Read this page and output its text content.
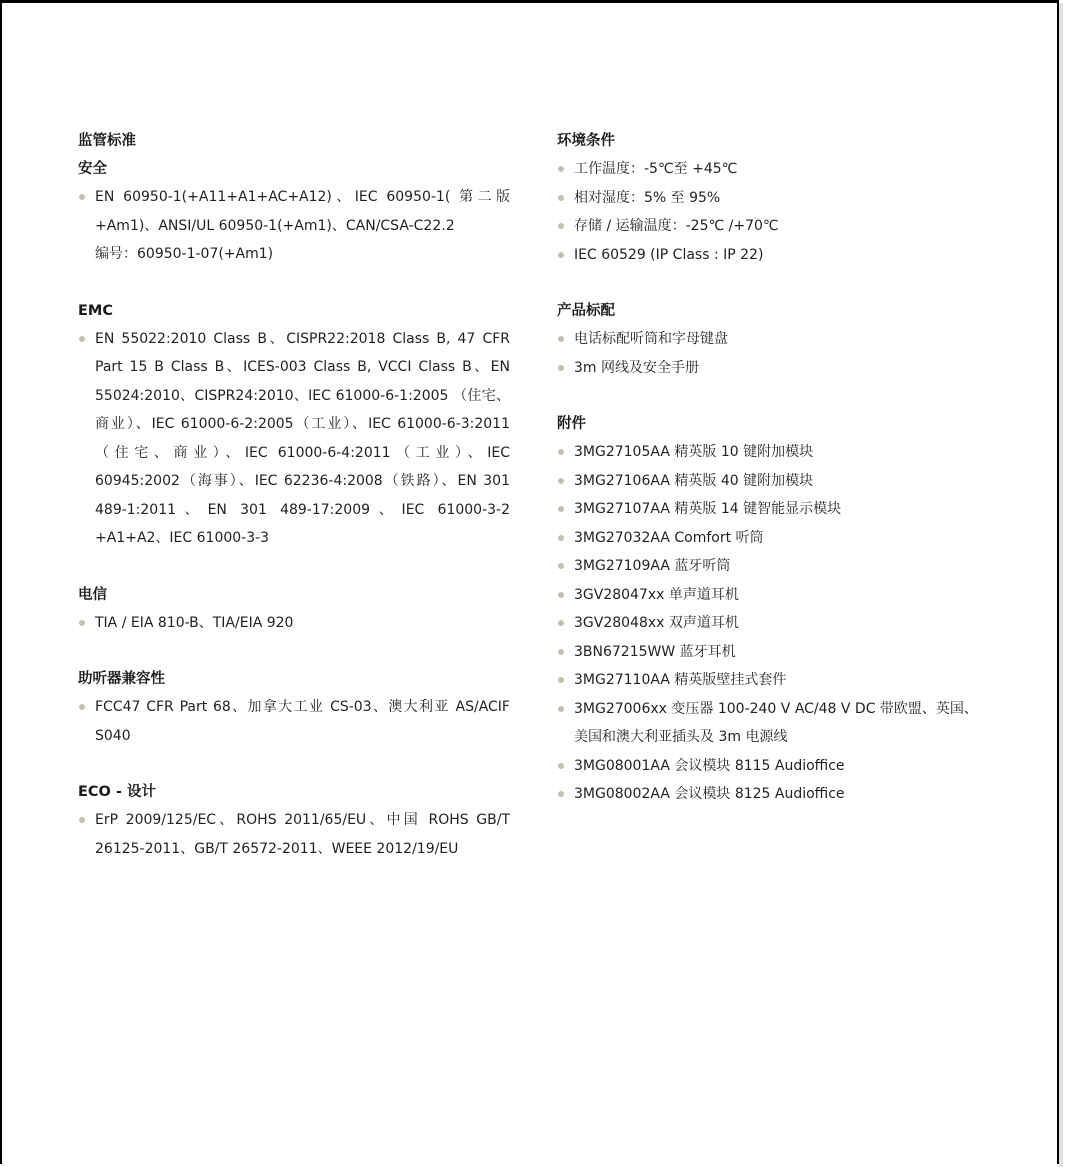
监管标准
安全
EN 60950-1(+A11+A1+AC+A12)、IEC 60950-1( 第二版 +Am1)、ANSI/UL 60950-1(+Am1)、CAN/CSA-C22.2
编号：60950-1-07(+Am1)
EMC
EN 55022:2010 Class B、CISPR22:2018 Class B, 47 CFR Part 15 B Class B、ICES-003 Class B, VCCI Class B、EN 55024:2010、CISPR24:2010、IEC 61000-6-1:2005 （住宅、商业）、IEC 61000-6-2:2005（工业）、IEC 61000-6-3:2011（住宅、商业）、IEC 61000-6-4:2011（工业）、IEC 60945:2002（海事）、IEC 62236-4:2008（铁路）、EN 301 489-1:2011、EN 301 489-17:2009、IEC 61000-3-2 +A1+A2、IEC 61000-3-3
电信
TIA / EIA 810-B、TIA/EIA 920
助听器兼容性
FCC47 CFR Part 68、加拿大工业 CS-03、澳大利亚 AS/ACIF S040
ECO - 设计
ErP 2009/125/EC、ROHS 2011/65/EU、中国 ROHS GB/T 26125-2011、GB/T 26572-2011、WEEE 2012/19/EU
环境条件
工作温度：-5℃至 +45℃
相对湿度：5% 至 95%
存储 / 运输温度：-25℃ /+70℃
IEC 60529 (IP Class : IP 22)
产品标配
电话标配听筒和字母键盘
3m 网线及安全手册
附件
3MG27105AA 精英版 10 键附加模块
3MG27106AA 精英版 40 键附加模块
3MG27107AA 精英版 14 键智能显示模块
3MG27032AA Comfort 听筒
3MG27109AA 蓝牙听筒
3GV28047xx 单声道耳机
3GV28048xx 双声道耳机
3BN67215WW 蓝牙耳机
3MG27110AA 精英版壁挂式套件
3MG27006xx 变压器 100-240 V AC/48 V DC 带欧盟、英国、美国和澳大利亚插头及 3m 电源线
3MG08001AA 会议模块 8115 Audioffice
3MG08002AA 会议模块 8125 Audioffice
